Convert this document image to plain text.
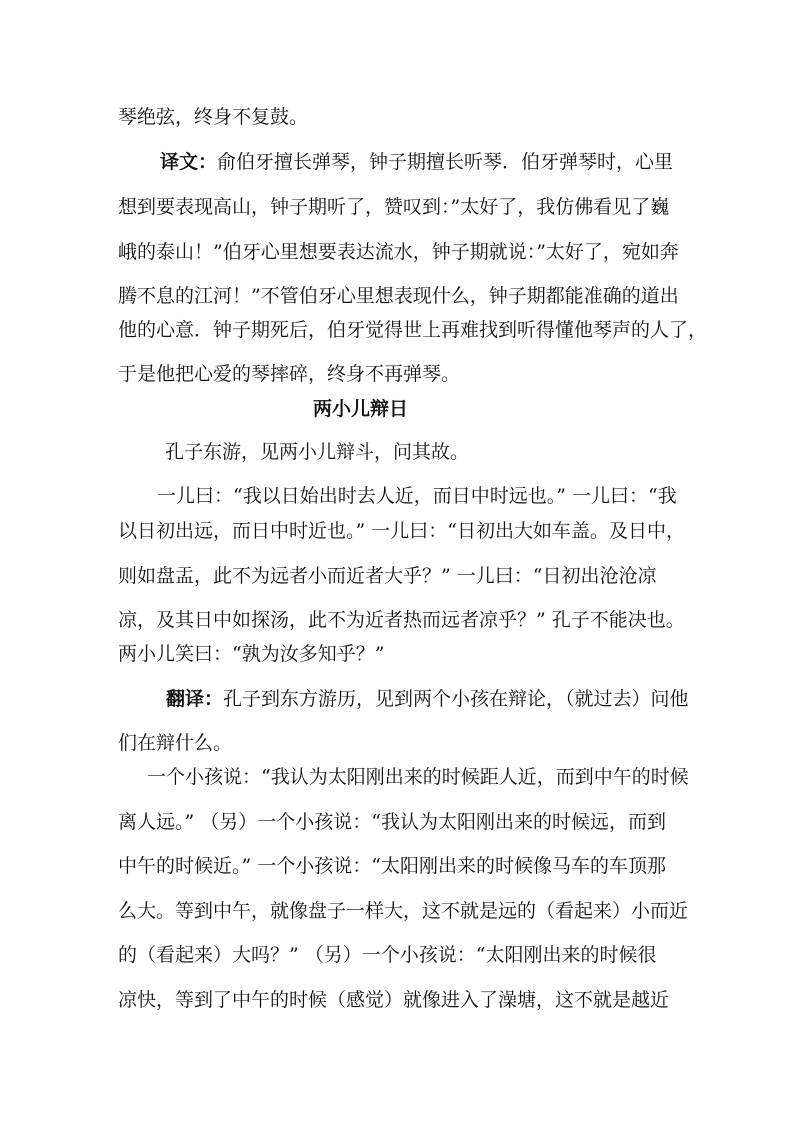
琴绝弦，终身不复鼓。
译文：俞伯牙擅长弹琴，钟子期擅长听琴．伯牙弹琴时，心里
想到要表现高山，钟子期听了，赞叹到：”太好了，我仿佛看见了巍
峨的泰山！”伯牙心里想要表达流水，钟子期就说：”太好了，宛如奔
腾不息的江河！”不管伯牙心里想表现什么，钟子期都能准确的道出
他的心意．钟子期死后，伯牙觉得世上再难找到听得懂他琴声的人了，
于是他把心爱的琴摔碎，终身不再弹琴。
两小儿辩日
孔子东游，见两小儿辩斗，问其故。
一儿曰：“我以日始出时去人近，而日中时远也。” 一儿曰：“我
以日初出远，而日中时近也。” 一儿曰：“日初出大如车盖。及日中，
则如盘盂，此不为远者小而近者大乎？” 一儿曰：“日初出沧沧凉
凉，及其日中如探汤，此不为近者热而远者凉乎？” 孔子不能决也。
两小儿笑曰：“孰为汝多知乎？”
翻译：孔子到东方游历，见到两个小孩在辩论，（就过去）问他
们在辩什么。
一个小孩说：“我认为太阳刚出来的时候距人近，而到中午的时候
离人远。” （另）一个小孩说：“我认为太阳刚出来的时候远，而到
中午的时候近。” 一个小孩说：“太阳刚出来的时候像马车的车顶那
么大。等到中午，就像盘子一样大，这不就是远的（看起来）小而近
的（看起来）大吗？” （另）一个小孩说：“太阳刚出来的时候很
凉快，等到了中午的时候（感觉）就像进入了澡塘，这不就是越近
